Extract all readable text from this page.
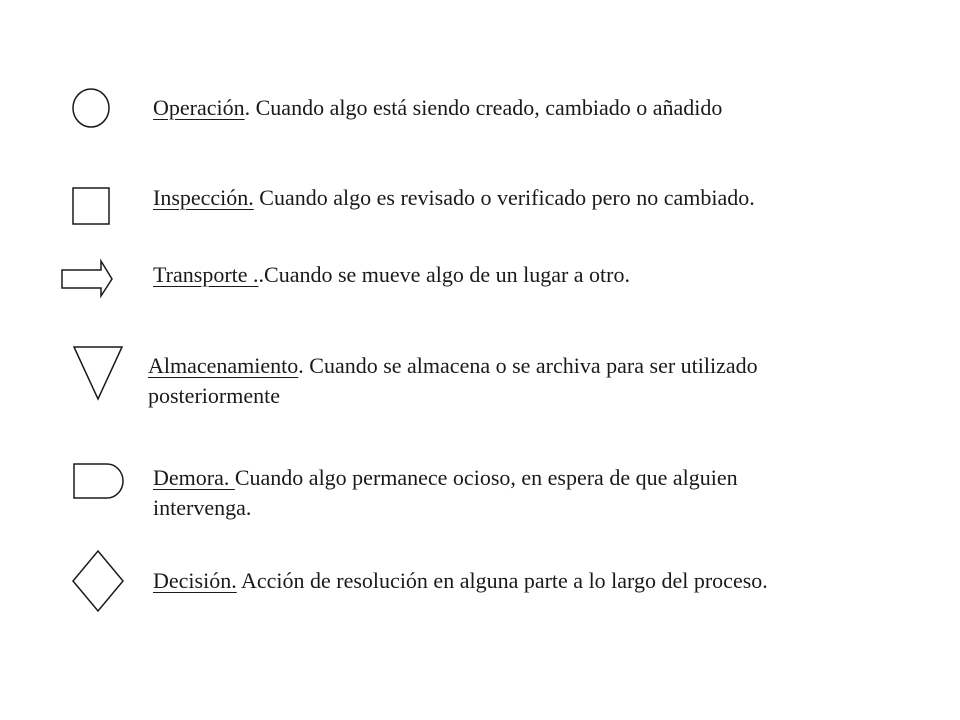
Operación. Cuando algo está siendo creado, cambiado o añadido

Inspección. Cuando algo es revisado o verificado pero no cambiado.

Transporte ..Cuando se mueve algo de un lugar a otro.

Almacenamiento. Cuando se almacena o se archiva para ser utilizado
posteriormente

Demora. Cuando algo permanece ocioso, en espera de que alguien
intervenga.

Decisión. Acción de resolución en alguna parte a lo largo del proceso.
